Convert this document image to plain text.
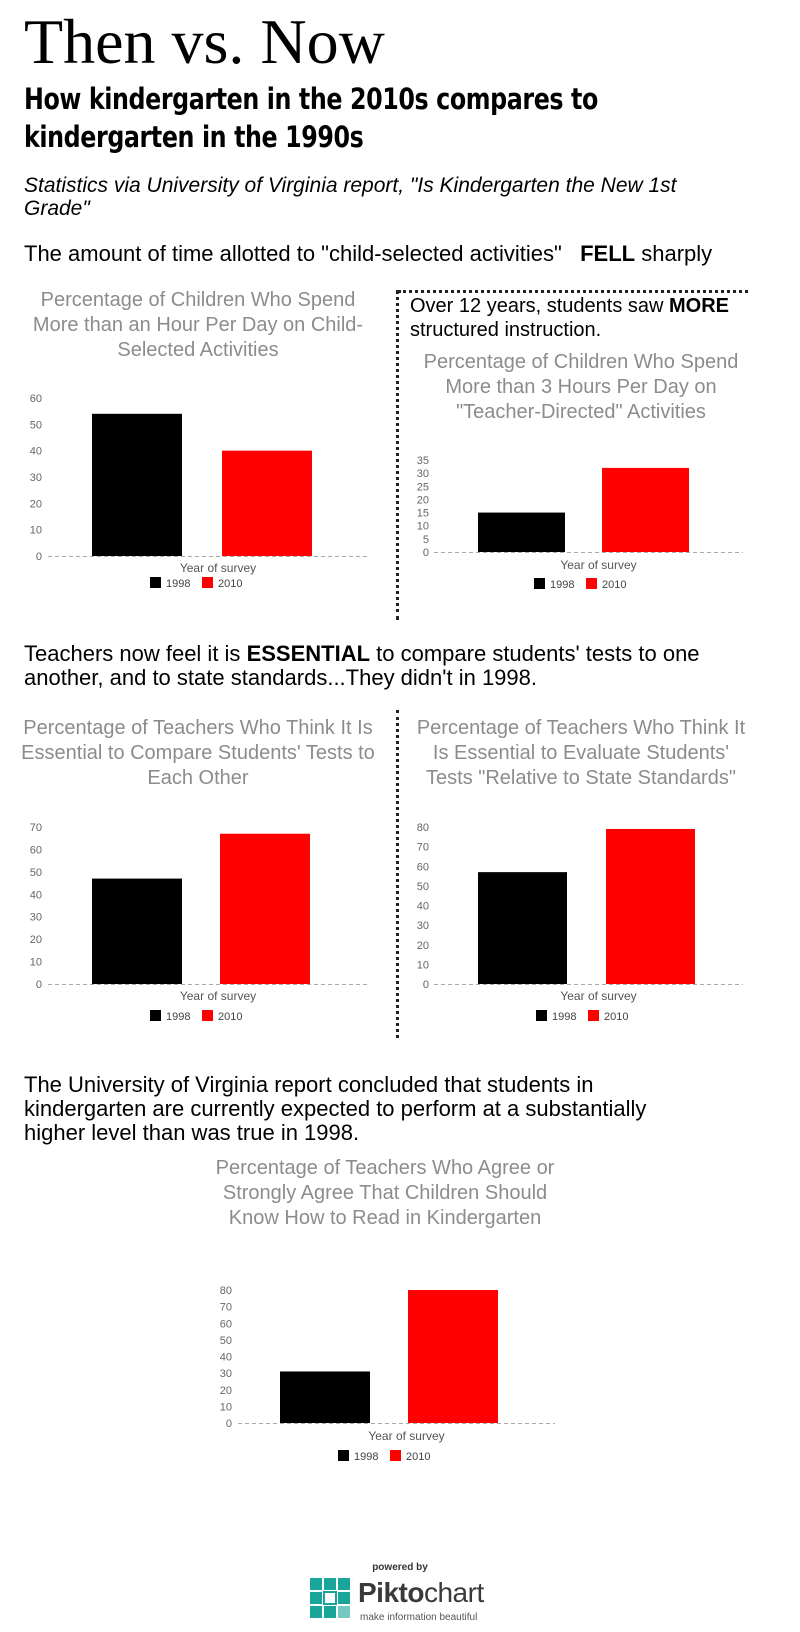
Then vs. Now
How kindergarten in the 2010s compares to kindergarten in the 1990s
Statistics via University of Virginia report, "Is Kindergarten the New 1st Grade"
The amount of time allotted to "child-selected activities" FELL sharply
Over 12 years, students saw MORE structured instruction.
Teachers now feel it is ESSENTIAL to compare students' tests to one another, and to state standards...They didn't in 1998.
The University of Virginia report concluded that students in kindergarten are currently expected to perform at a substantially higher level than was true in 1998.
Percentage of Children Who Spend More than an Hour Per Day on Child-Selected Activities
0
10
20
30
40
50
60
Year of survey
1998	2010
Percentage of Children Who Spend More than 3 Hours Per Day on "Teacher-Directed" Activities
0
5
10
15
20
25
30
35
Year of survey
1998	2010
Percentage of Teachers Who Think It Is Essential to Compare Students' Tests to Each Other
0
10
20
30
40
50
60
70
Year of survey
1998	2010
Percentage of Teachers Who Think It Is Essential to Evaluate Students' Tests "Relative to State Standards"
0
10
20
30
40
50
60
70
80
Year of survey
1998	2010
Percentage of Teachers Who Agree or Strongly Agree That Children Should Know How to Read in Kindergarten
0
10
20
30
40
50
60
70
80
Year of survey
1998	2010
powered by
Piktochart
make information beautiful
